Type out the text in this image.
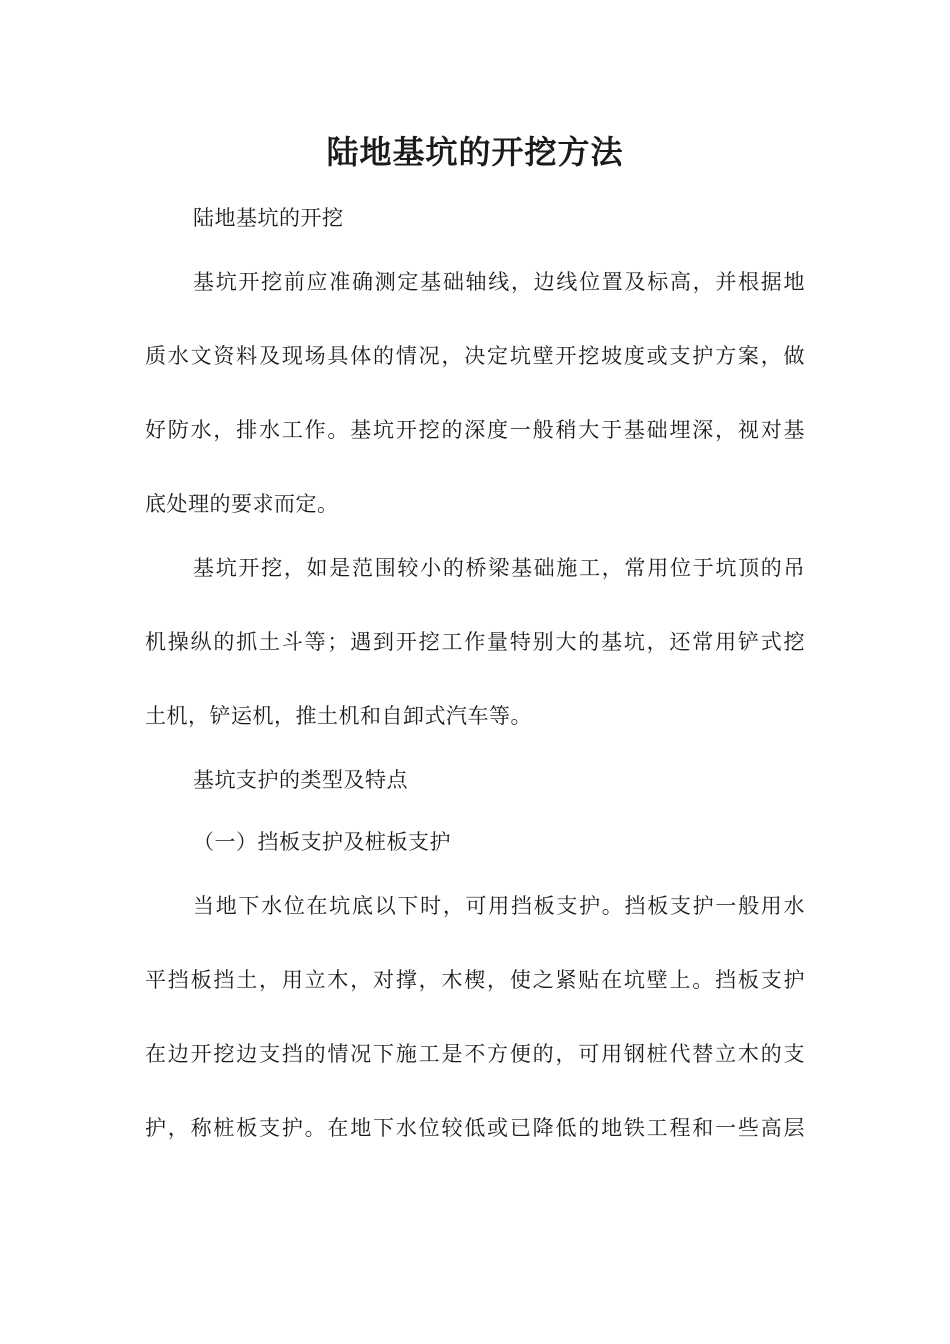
陆地基坑的开挖方法
陆地基坑的开挖
基坑开挖前应准确测定基础轴线，边线位置及标高，并根据地
质水文资料及现场具体的情况，决定坑壁开挖坡度或支护方案，做
好防水，排水工作。基坑开挖的深度一般稍大于基础埋深，视对基
底处理的要求而定。
基坑开挖，如是范围较小的桥梁基础施工，常用位于坑顶的吊
机操纵的抓土斗等；遇到开挖工作量特别大的基坑，还常用铲式挖
土机，铲运机，推土机和自卸式汽车等。
基坑支护的类型及特点
（一）挡板支护及桩板支护
当地下水位在坑底以下时，可用挡板支护。挡板支护一般用水
平挡板挡土，用立木，对撑，木楔，使之紧贴在坑壁上。挡板支护
在边开挖边支挡的情况下施工是不方便的，可用钢桩代替立木的支
护，称桩板支护。在地下水位较低或已降低的地铁工程和一些高层
